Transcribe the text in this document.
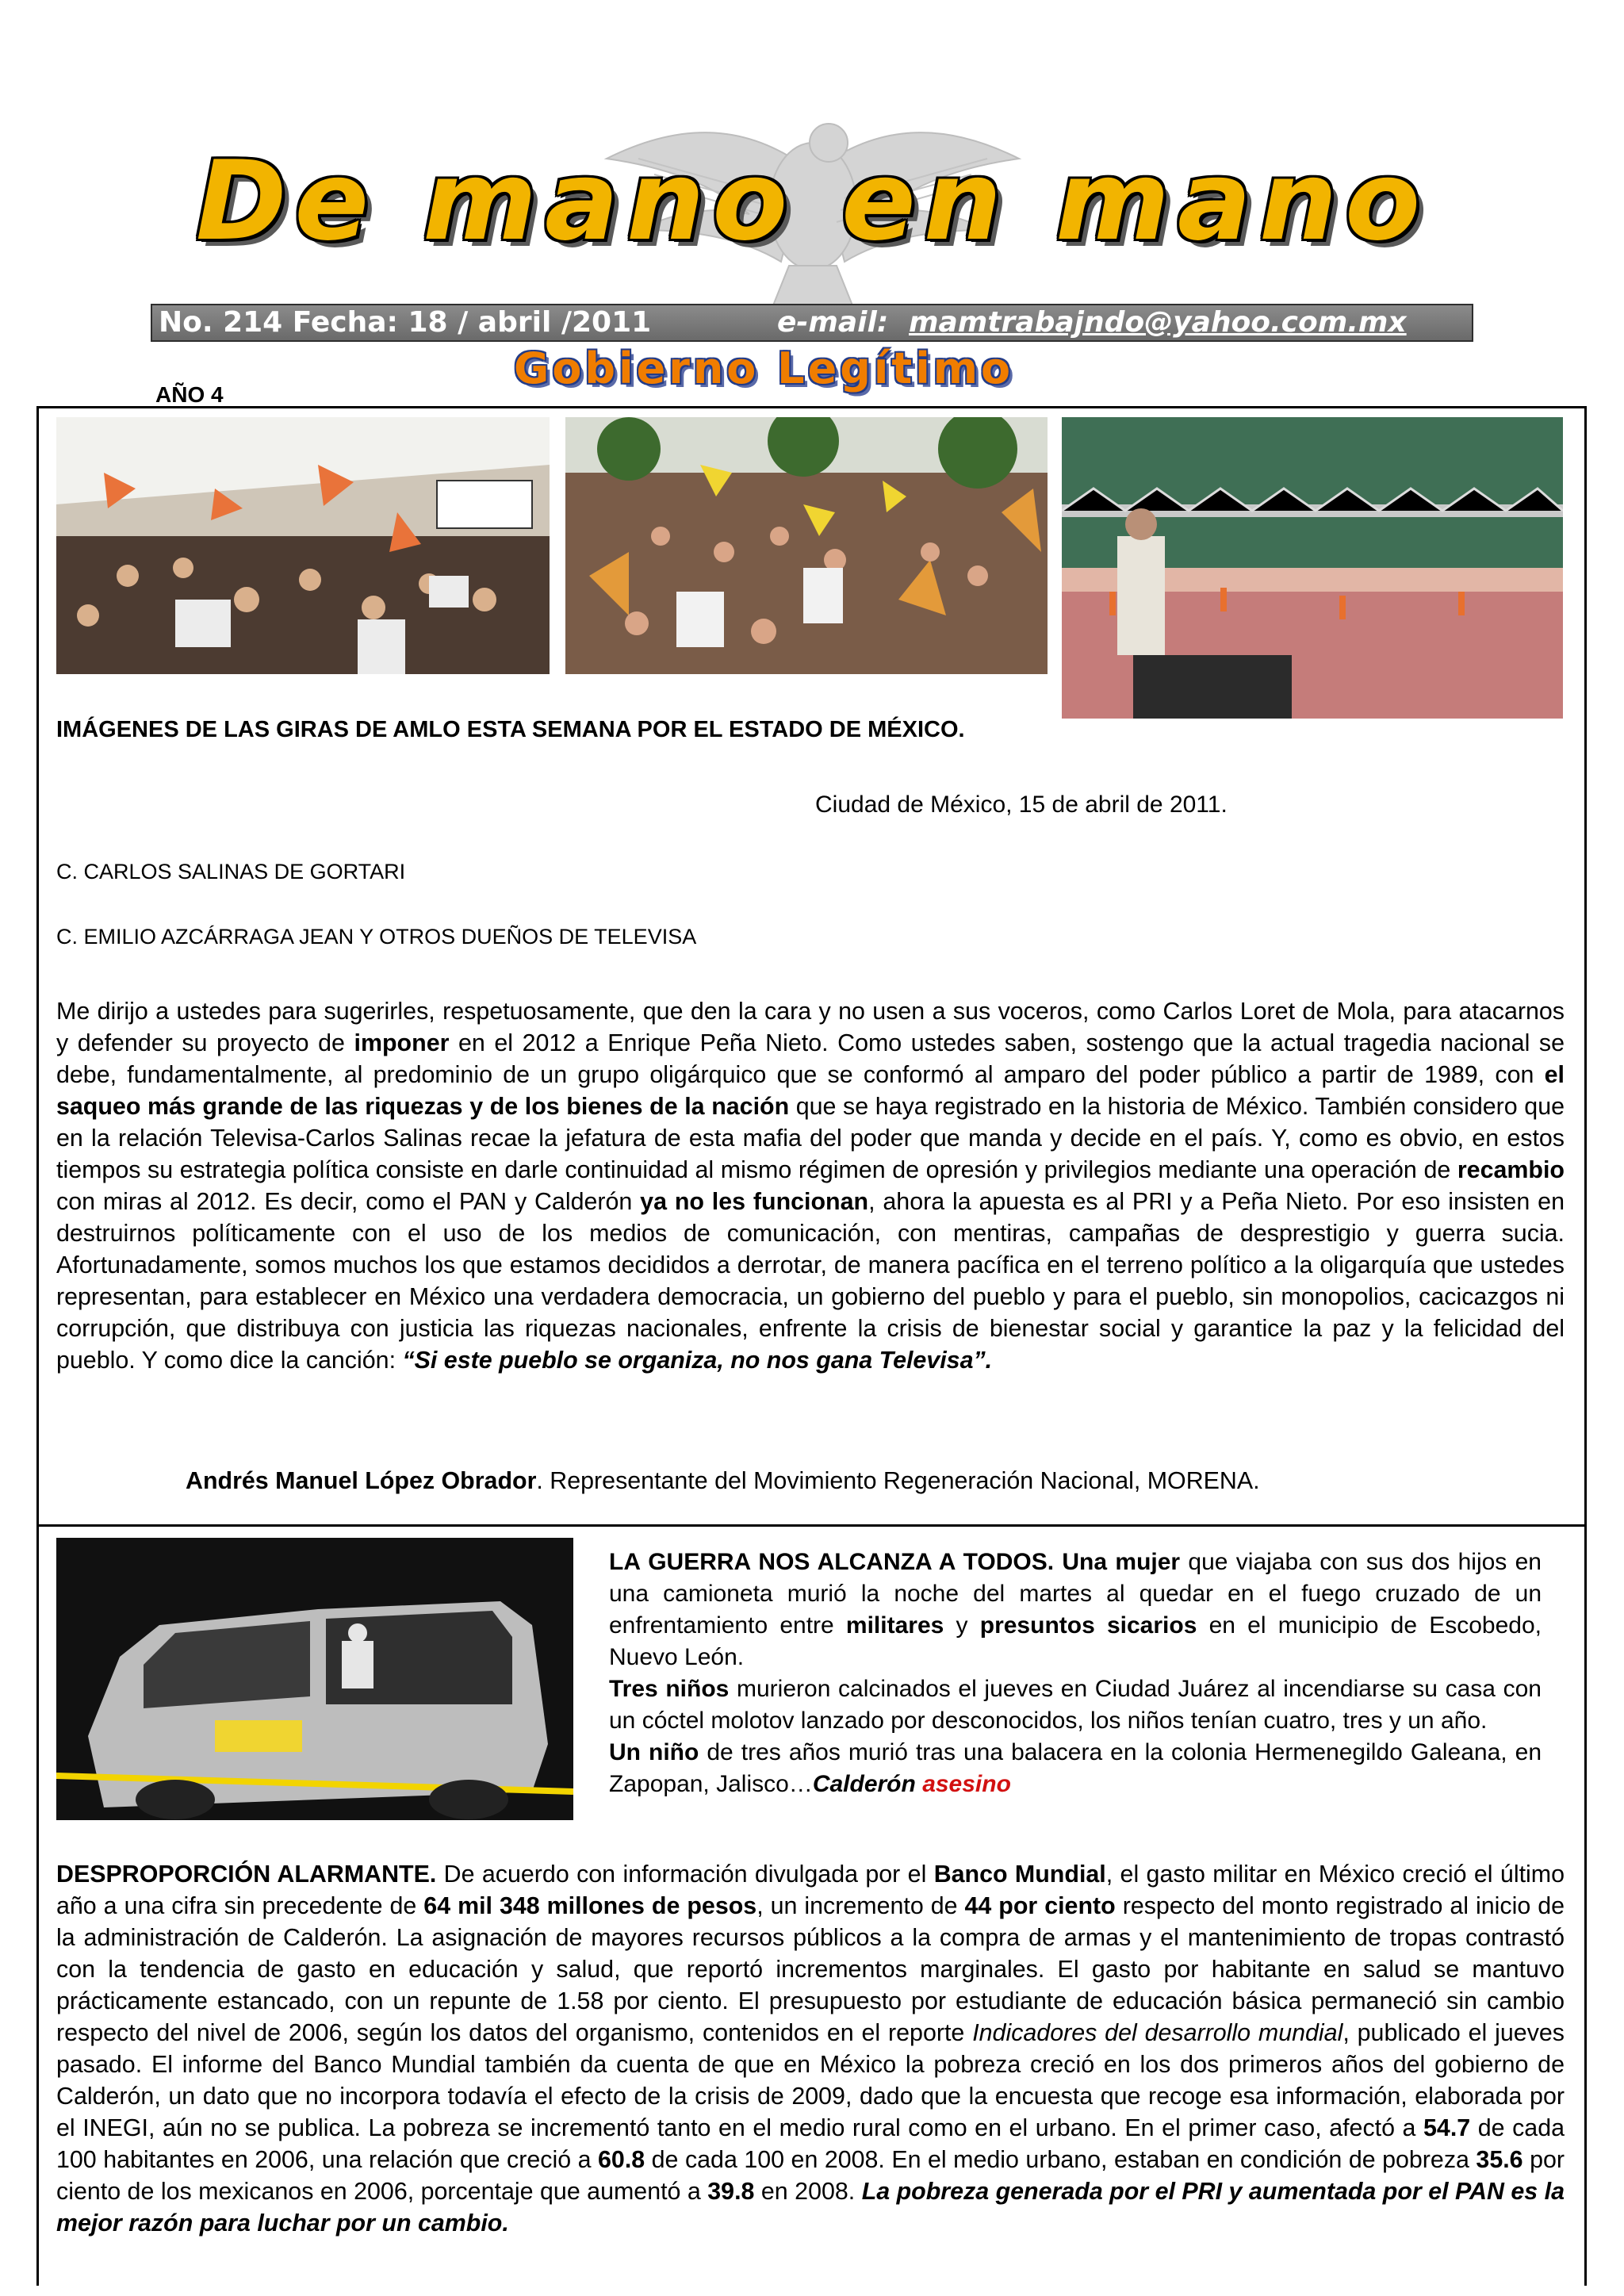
De mano en mano
No. 214 Fecha: 18 / abril /2011	e-mail: mamtrabajndo@yahoo.com.mx
Gobierno Legítimo
AÑO 4
IMÁGENES DE LAS GIRAS DE AMLO ESTA SEMANA POR EL ESTADO DE MÉXICO.
Ciudad de México, 15 de abril de 2011.
C. CARLOS SALINAS DE GORTARI
C. EMILIO AZCÁRRAGA JEAN Y OTROS DUEÑOS DE TELEVISA
Me dirijo a ustedes para sugerirles, respetuosamente, que den la cara y no usen a sus voceros, como Carlos Loret de Mola, para atacarnos y defender su proyecto de imponer en el 2012 a Enrique Peña Nieto. Como ustedes saben, sostengo que la actual tragedia nacional se debe, fundamentalmente, al predominio de un grupo oligárquico que se conformó al amparo del poder público a partir de 1989, con el saqueo más grande de las riquezas y de los bienes de la nación que se haya registrado en la historia de México. También considero que en la relación Televisa-Carlos Salinas recae la jefatura de esta mafia del poder que manda y decide en el país. Y, como es obvio, en estos tiempos su estrategia política consiste en darle continuidad al mismo régimen de opresión y privilegios mediante una operación de recambio con miras al 2012. Es decir, como el PAN y Calderón ya no les funcionan, ahora la apuesta es al PRI y a Peña Nieto. Por eso insisten en destruirnos políticamente con el uso de los medios de comunicación, con mentiras, campañas de desprestigio y guerra sucia. Afortunadamente, somos muchos los que estamos decididos a derrotar, de manera pacífica en el terreno político a la oligarquía que ustedes representan, para establecer en México una verdadera democracia, un gobierno del pueblo y para el pueblo, sin monopolios, cacicazgos ni corrupción, que distribuya con justicia las riquezas nacionales, enfrente la crisis de bienestar social y garantice la paz y la felicidad del pueblo. Y como dice la canción: “Si este pueblo se organiza, no nos gana Televisa”.
Andrés Manuel López Obrador. Representante del Movimiento Regeneración Nacional, MORENA.

LA GUERRA NOS ALCANZA A TODOS. Una mujer que viajaba con sus dos hijos en una camioneta murió la noche del martes al quedar en el fuego cruzado de un enfrentamiento entre militares y presuntos sicarios en el municipio de Escobedo, Nuevo León.

Tres niños murieron calcinados el jueves en Ciudad Juárez al incendiarse su casa con un cóctel molotov lanzado por desconocidos, los niños tenían cuatro, tres y un año.

Un niño de tres años murió tras una balacera en la colonia Hermenegildo Galeana, en Zapopan, Jalisco…Calderón asesino

DESPROPORCIÓN ALARMANTE. De acuerdo con información divulgada por el Banco Mundial, el gasto militar en México creció el último año a una cifra sin precedente de 64 mil 348 millones de pesos, un incremento de 44 por ciento respecto del monto registrado al inicio de la administración de Calderón. La asignación de mayores recursos públicos a la compra de armas y el mantenimiento de tropas contrastó con la tendencia de gasto en educación y salud, que reportó incrementos marginales. El gasto por habitante en salud se mantuvo prácticamente estancado, con un repunte de 1.58 por ciento. El presupuesto por estudiante de educación básica permaneció sin cambio respecto del nivel de 2006, según los datos del organismo, contenidos en el reporte Indicadores del desarrollo mundial, publicado el jueves pasado. El informe del Banco Mundial también da cuenta de que en México la pobreza creció en los dos primeros años del gobierno de Calderón, un dato que no incorpora todavía el efecto de la crisis de 2009, dado que la encuesta que recoge esa información, elaborada por el INEGI, aún no se publica. La pobreza se incrementó tanto en el medio rural como en el urbano. En el primer caso, afectó a 54.7 de cada 100 habitantes en 2006, una relación que creció a 60.8 de cada 100 en 2008. En el medio urbano, estaban en condición de pobreza 35.6 por ciento de los mexicanos en 2006, porcentaje que aumentó a 39.8 en 2008. La pobreza generada por el PRI y aumentada por el PAN es la mejor razón para luchar por un cambio.
